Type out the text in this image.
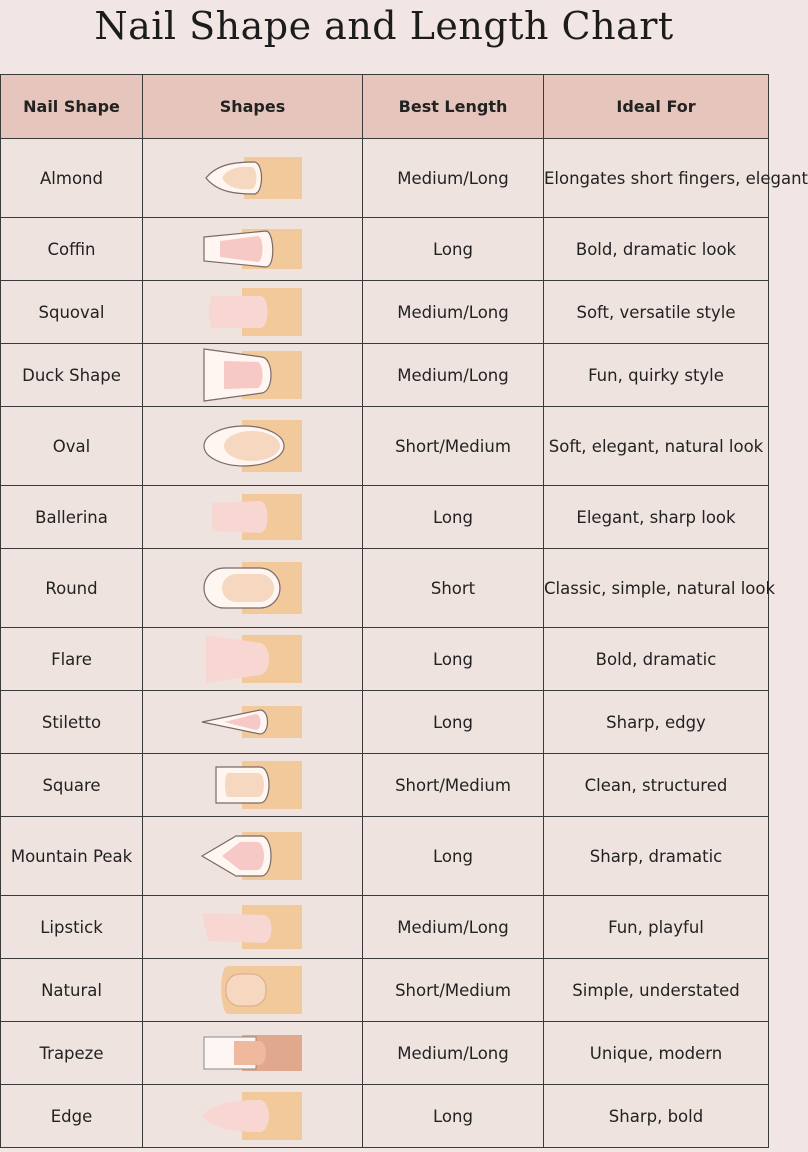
Nail Shape and Length Chart
Nail Shape	Shapes	Best Length	Ideal For
Almond		Medium/Long	Elongates short fingers, elegant
Coffin		Long	Bold, dramatic look
Squoval		Medium/Long	Soft, versatile style
Duck Shape		Medium/Long	Fun, quirky style
Oval		Short/Medium	Soft, elegant, natural look
Ballerina		Long	Elegant, sharp look
Round		Short	Classic, simple, natural look
Flare		Long	Bold, dramatic
Stiletto		Long	Sharp, edgy
Square		Short/Medium	Clean, structured
Mountain Peak		Long	Sharp, dramatic
Lipstick		Medium/Long	Fun, playful
Natural		Short/Medium	Simple, understated
Trapeze		Medium/Long	Unique, modern
Edge		Long	Sharp, bold
